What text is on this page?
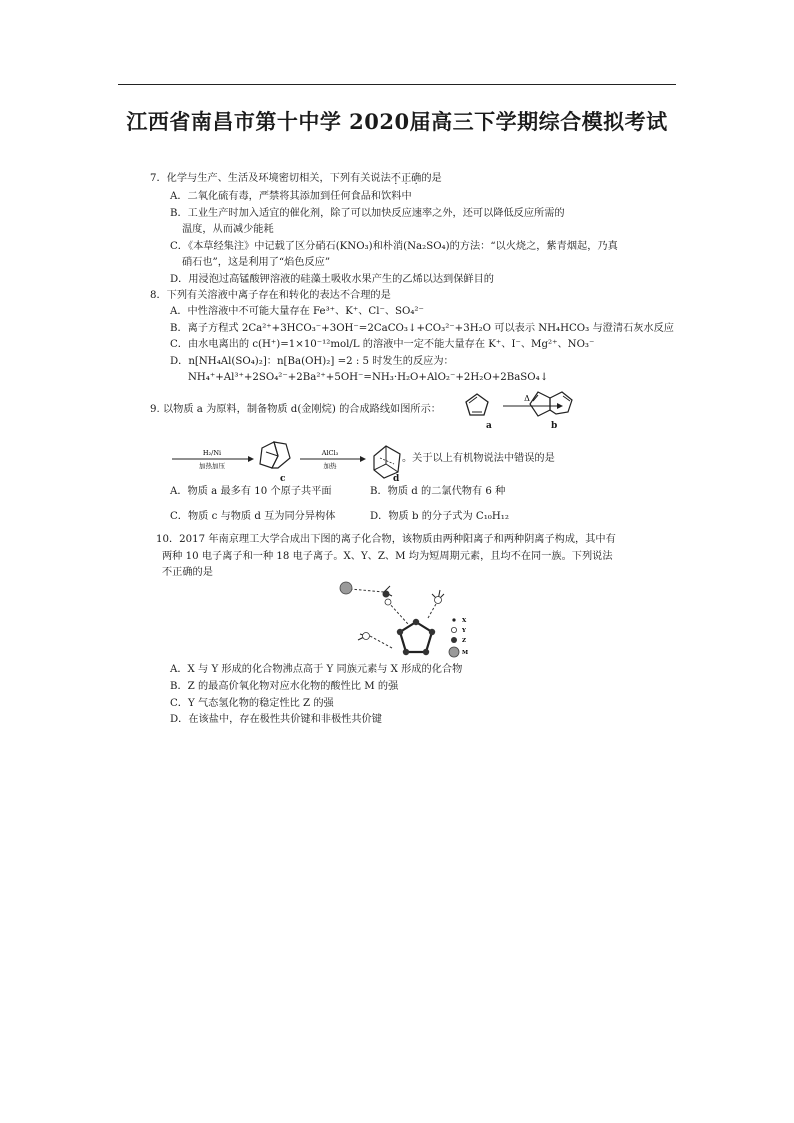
江西省南昌市第十中学 2020届高三下学期综合模拟考试
7．化学与生产、生活及环境密切相关，下列有关说法不正确的是
A．二氧化硫有毒，严禁将其添加到任何食品和饮料中
B．工业生产时加入适宜的催化剂，除了可以加快反应速率之外，还可以降低反应所需的
温度，从而减少能耗
C．《本草经集注》中记载了区分硝石(KNO₃)和朴消(Na₂SO₄)的方法：“以火烧之，紫青烟起，乃真
硝石也”，这是利用了“焰色反应”
D．用浸泡过高锰酸钾溶液的硅藻土吸收水果产生的乙烯以达到保鲜目的
8．下列有关溶液中离子存在和转化的表达不合理的是
A．中性溶液中不可能大量存在 Fe³⁺、K⁺、Cl⁻、SO₄²⁻
B．离子方程式 2Ca²⁺+3HCO₃⁻+3OH⁻=2CaCO₃↓+CO₃²⁻+3H₂O 可以表示 NH₄HCO₃ 与澄清石灰水反应
C．由水电离出的 c(H⁺)=1×10⁻¹²mol/L 的溶液中一定不能大量存在 K⁺、I⁻、Mg²⁺、NO₃⁻
D．n[NH₄Al(SO₄)₂]：n[Ba(OH)₂] =2 : 5 时发生的反应为：
NH₄⁺+Al³⁺+2SO₄²⁻+2Ba²⁺+5OH⁻=NH₃·H₂O+AlO₂⁻+2H₂O+2BaSO₄↓
9. 以物质 a 为原料，制备物质 d(金刚烷) 的合成路线如图所示：
Δ
a	b
H₂/Ni
加热加压
AlCl₃
加热
c	d
。关于以上有机物说法中错误的是
A．物质 a 最多有 10 个原子共平面	B．物质 d 的二氯代物有 6 种
C．物质 c 与物质 d 互为同分异构体	D．物质 b 的分子式为 C₁₀H₁₂
10．2017 年南京理工大学合成出下图的离子化合物，该物质由两种阳离子和两种阴离子构成，其中有
两种 10 电子离子和一种 18 电子离子。X、Y、Z、M 均为短周期元素，且均不在同一族。下列说法
不正确的是
X
Y
Z
M
A．X 与 Y 形成的化合物沸点高于 Y 同族元素与 X 形成的化合物
B．Z 的最高价氧化物对应水化物的酸性比 M 的强
C．Y 气态氢化物的稳定性比 Z 的强
D．在该盐中，存在极性共价键和非极性共价键
